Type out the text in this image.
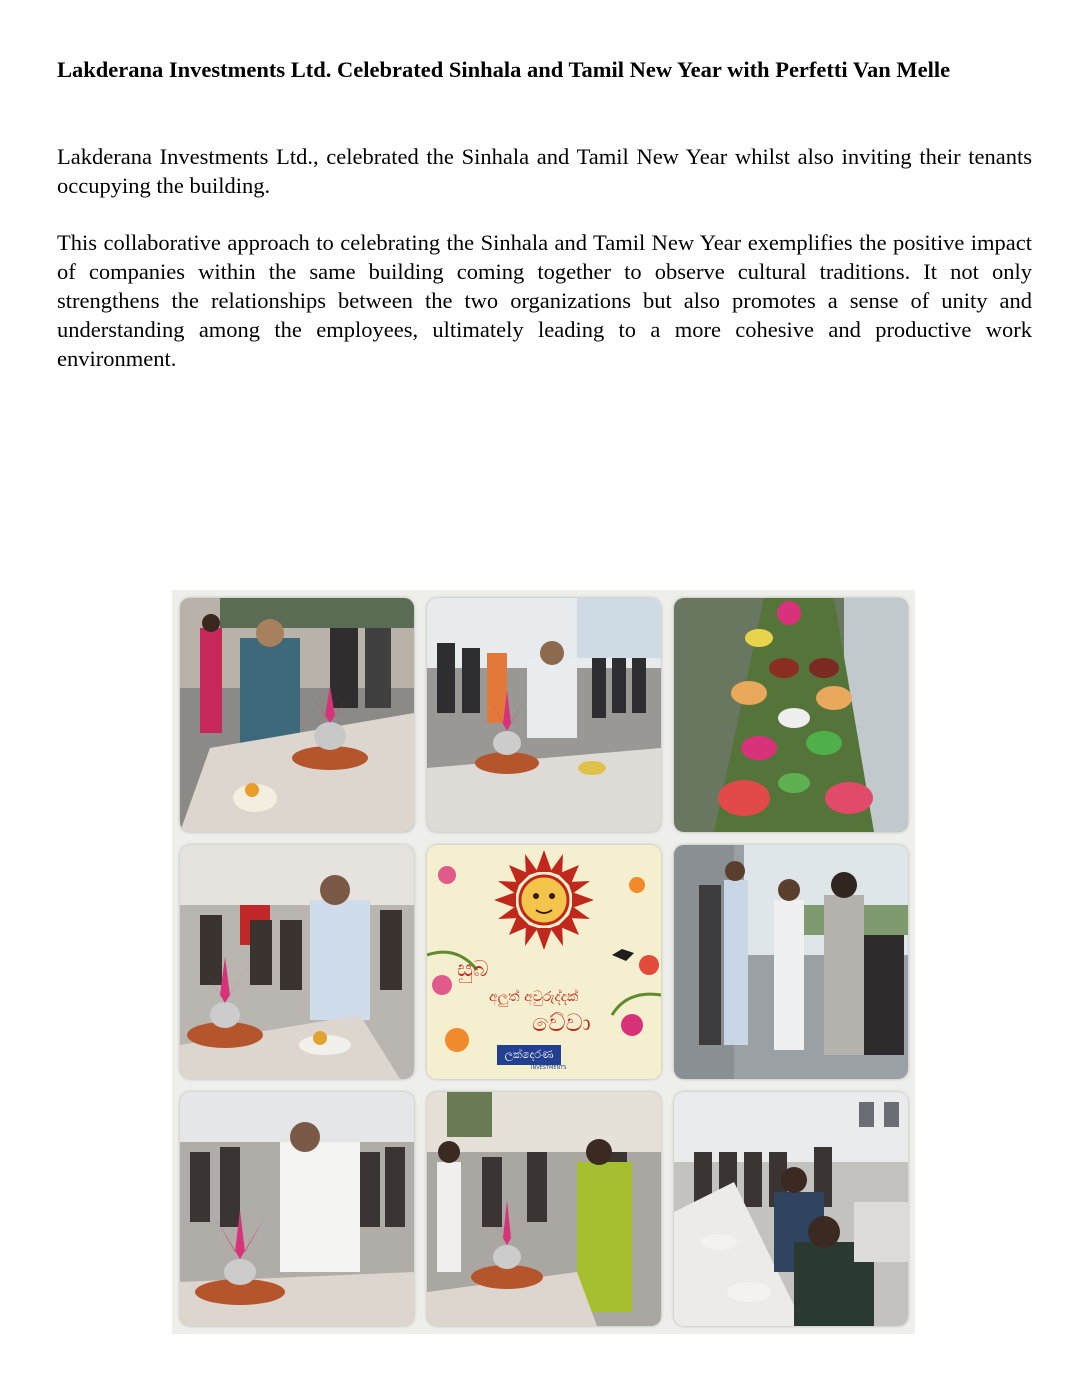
Lakderana Investments Ltd. Celebrated Sinhala and Tamil New Year with Perfetti Van Melle
Lakderana Investments Ltd., celebrated the Sinhala and Tamil New Year whilst also inviting their tenants occupying the building.
This collaborative approach to celebrating the Sinhala and Tamil New Year exemplifies the positive impact of companies within the same building coming together to observe cultural traditions. It not only strengthens the relationships between the two organizations but also promotes a sense of unity and understanding among the employees, ultimately leading to a more cohesive and productive work environment.
සුබ
අලුත් අවුරුද්දක්
වේවා
ලක්දෙරණ
INVESTMENTS
